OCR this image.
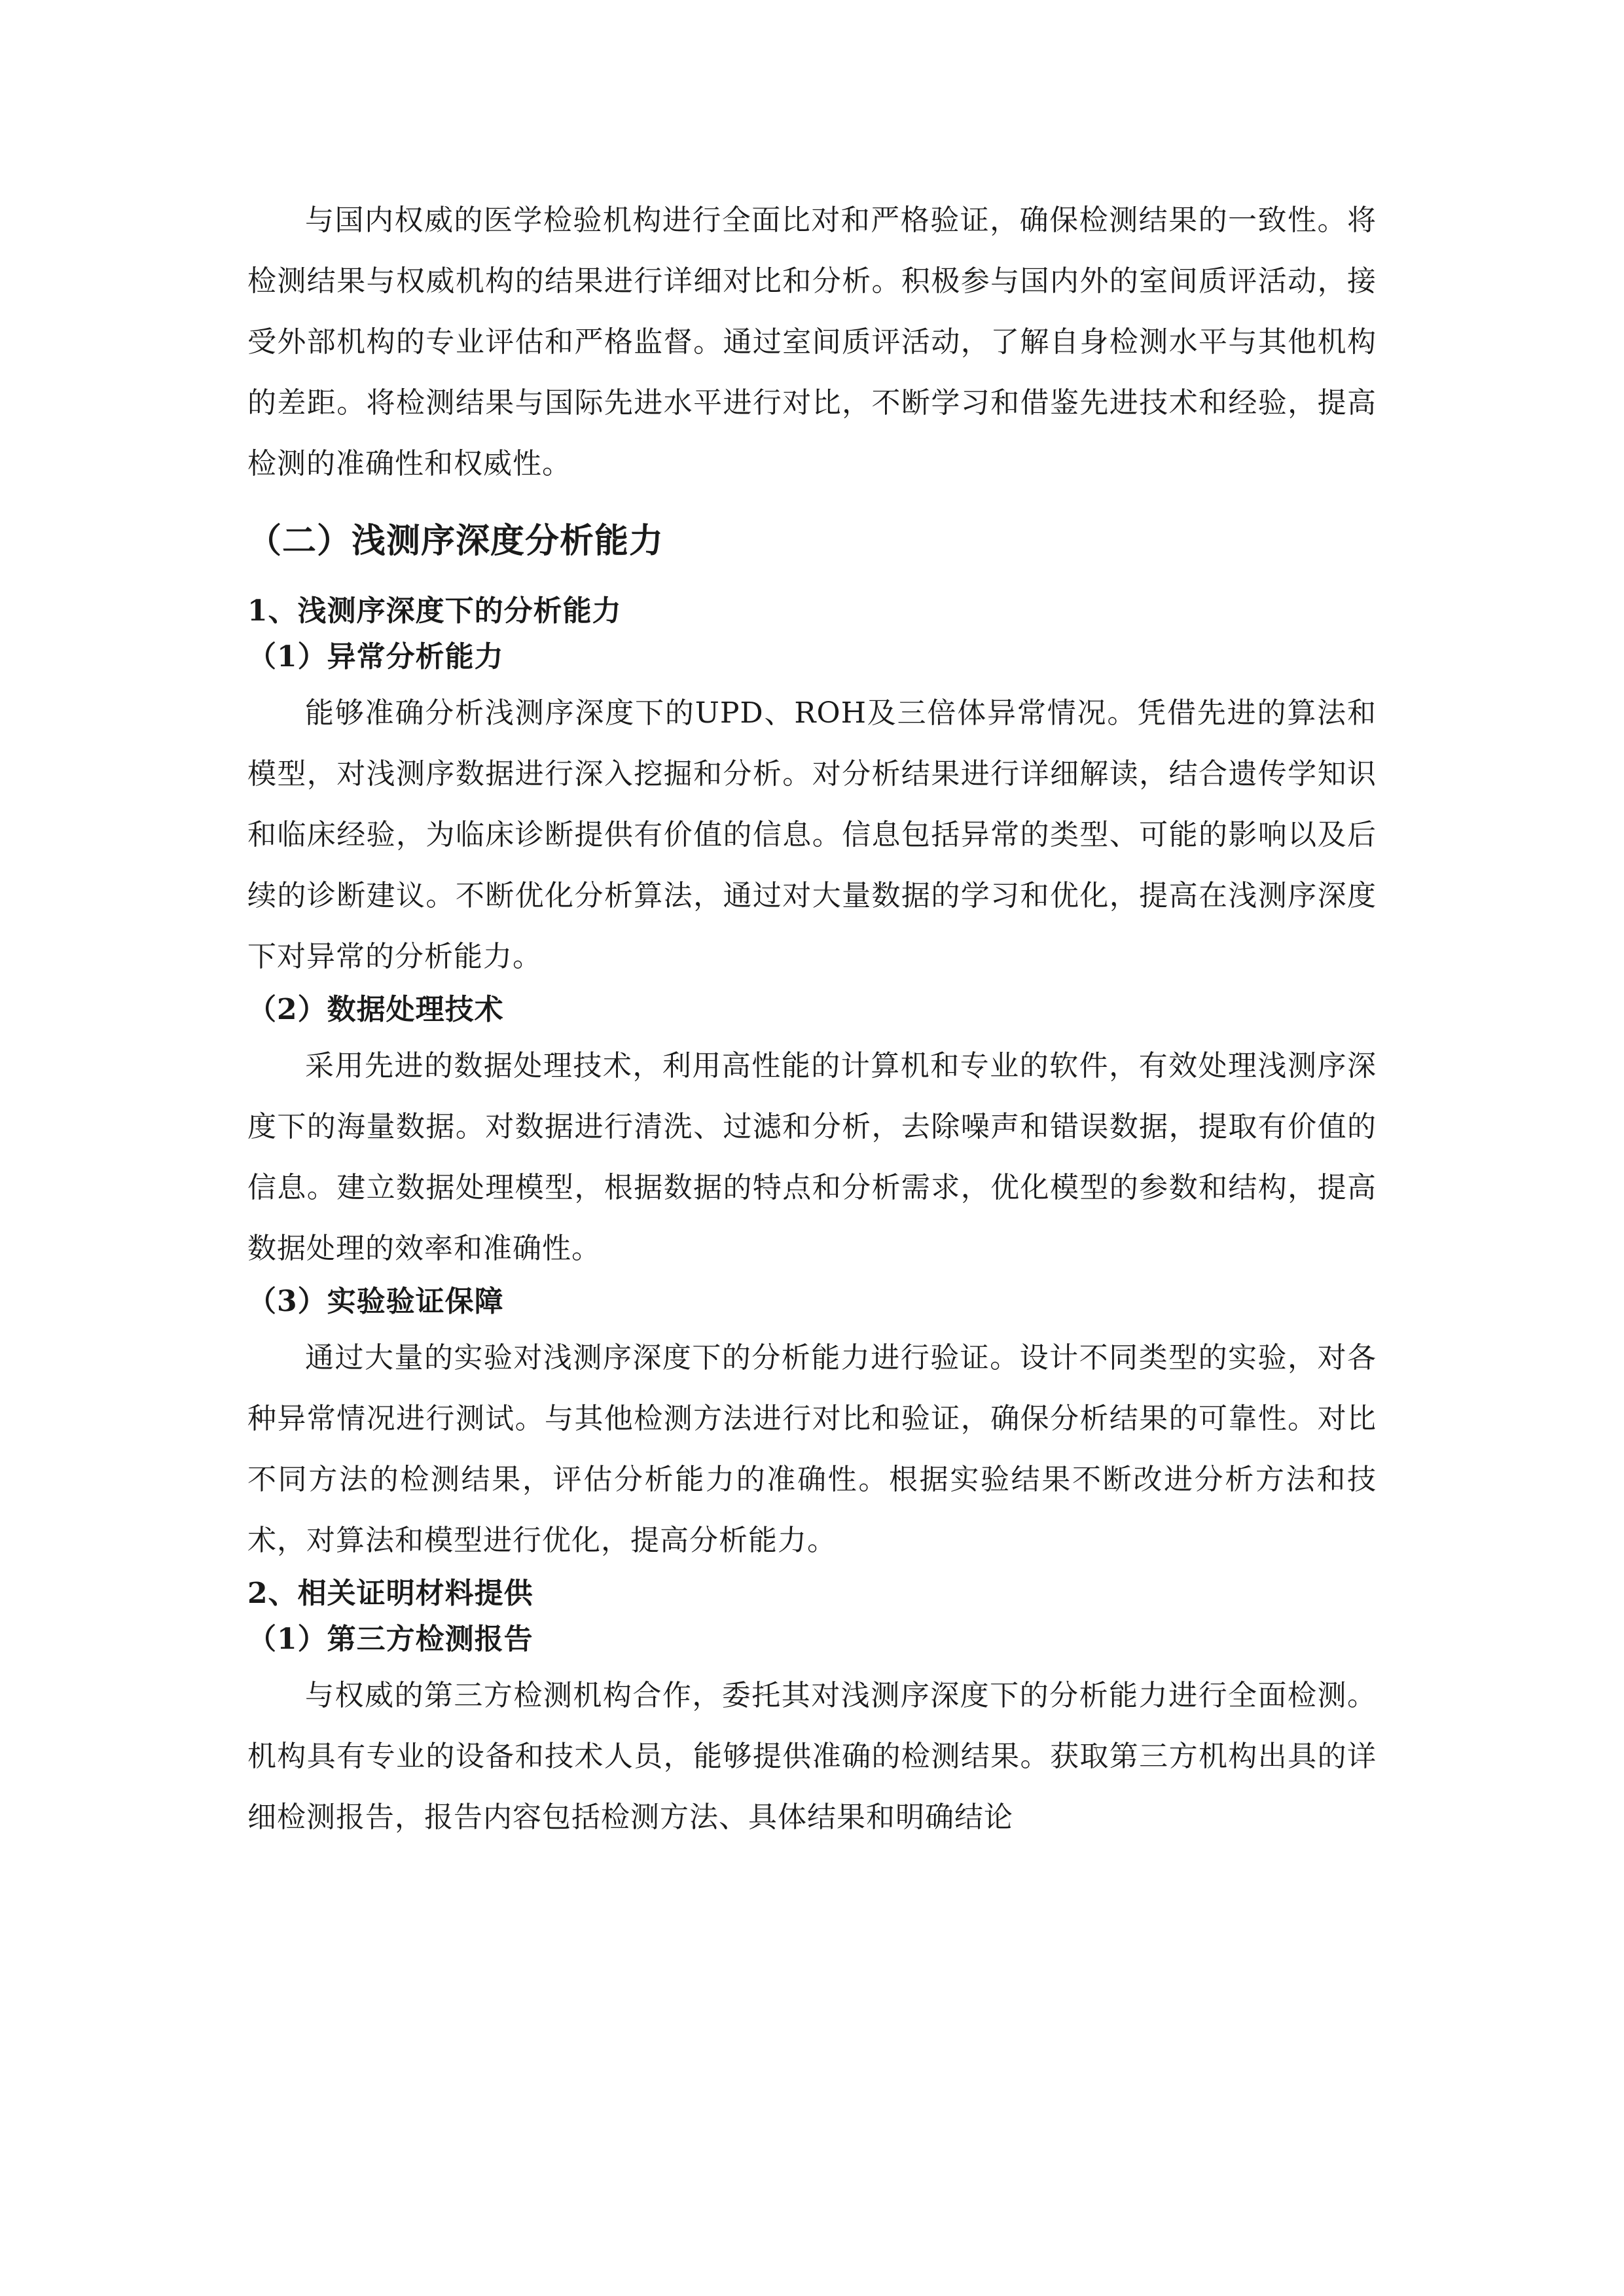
与国内权威的医学检验机构进行全面比对和严格验证，确保检测结果的一致性。将检测结果与权威机构的结果进行详细对比和分析。积极参与国内外的室间质评活动，接受外部机构的专业评估和严格监督。通过室间质评活动，了解自身检测水平与其他机构的差距。将检测结果与国际先进水平进行对比，不断学习和借鉴先进技术和经验，提高检测的准确性和权威性。

（二）浅测序深度分析能力
1、浅测序深度下的分析能力
（1）异常分析能力

能够准确分析浅测序深度下的UPD、ROH及三倍体异常情况。凭借先进的算法和模型，对浅测序数据进行深入挖掘和分析。对分析结果进行详细解读，结合遗传学知识和临床经验，为临床诊断提供有价值的信息。信息包括异常的类型、可能的影响以及后续的诊断建议。不断优化分析算法，通过对大量数据的学习和优化，提高在浅测序深度下对异常的分析能力。

（2）数据处理技术

采用先进的数据处理技术，利用高性能的计算机和专业的软件，有效处理浅测序深度下的海量数据。对数据进行清洗、过滤和分析，去除噪声和错误数据，提取有价值的信息。建立数据处理模型，根据数据的特点和分析需求，优化模型的参数和结构，提高数据处理的效率和准确性。

（3）实验验证保障

通过大量的实验对浅测序深度下的分析能力进行验证。设计不同类型的实验，对各种异常情况进行测试。与其他检测方法进行对比和验证，确保分析结果的可靠性。对比不同方法的检测结果，评估分析能力的准确性。根据实验结果不断改进分析方法和技术，对算法和模型进行优化，提高分析能力。

2、相关证明材料提供
（1）第三方检测报告

与权威的第三方检测机构合作，委托其对浅测序深度下的分析能力进行全面检测。机构具有专业的设备和技术人员，能够提供准确的检测结果。获取第三方机构出具的详细检测报告，报告内容包括检测方法、具体结果和明确结论
